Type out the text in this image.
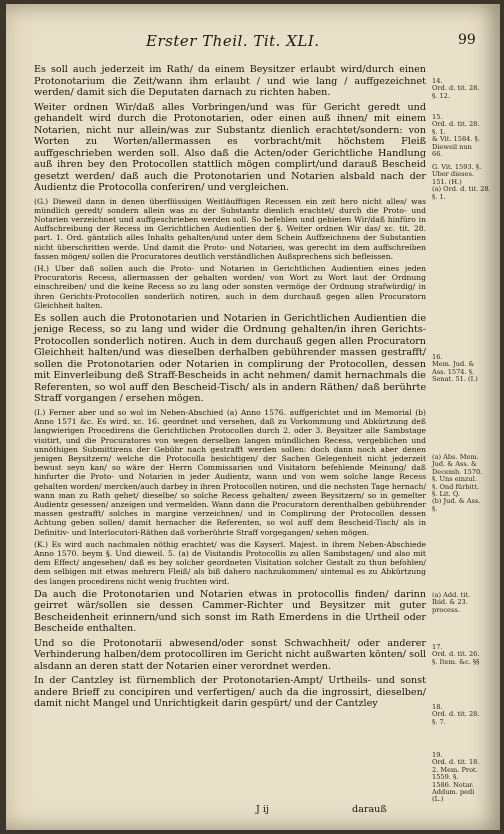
Erster Theil. Tit. XLI.	99

Es soll auch jederzeit im Rath/ da einem Beysitzer erlaubt wird/durch einen Protonotarium die Zeit/wann ihm erlaubt / und wie lang / auffgezeichnet werden/ damit sich die Deputaten darnach zu richten haben.

Weiter ordnen Wir/daß alles Vorbringen/und was für Gericht geredt und gehandelt wird durch die Protonotarien, oder einen auß ihnen/ mit einem Notarien, nicht nur allein/was zur Substantz dienlich erachtet/sondern: von Worten zu Worten/allermassen es vorbracht/mit höchstem Fleiß auffgeschrieben werden soll. Also daß die Acten/oder Gerichtliche Handlung auß ihren bey den Protocollen stattlich mögen complirt/und darauß Bescheid gesetzt werden/ daß auch die Protonotarien und Notarien alsbald nach der Audientz die Protocolla conferiren/ und vergleichen.

(G.) Dieweil dann in denen überflüssigen Weitläufftigen Recessen ein zeit hero nicht alles/ was mündlich geredt/ sondern allein was zu der Substantz dienlich erachtet/ durch die Proto- und Notarien verzeichnet und auffgeschrieben werden soll. So befehlen und gebieten Wir/daß hinfüro in Auffschreibung der Recess im Gerichtlichen Audientien der §. Weiter ordnen Wir das/ xc. tit. 28. part. 1. Ord. gäntzlich alles Inhalts gehalten/und unter dem Schein Auffzeichnens der Substantien nicht überschritten werde. Und damit die Proto- und Notarien, was gerecht im dem auffschreiben fassen mögen/ sollen die Procuratores deutlich verständlichen Außsprechens sich befleissen.

(H.) Uber daß sollen auch die Proto- und Notarien in Gerichtlichen Audientien eines jeden Procuratoris Recess, allermassen der gehalten worden/ von Wort zu Wort laut der Ordnung einschreiben/ und die keine Recess so zu lang oder sonsten vermöge der Ordnung strafwürdig/ in ihren Gerichts-Protocollen sonderlich notiren, auch in dem durchauß gegen allen Procuratorn Gleichheit halten.

Es sollen auch die Protonotarien und Notarien in Gerichtlichen Audientien die jenige Recess, so zu lang und wider die Ordnung gehalten/in ihren Gerichts-Protocollen sonderlich notiren. Auch in dem durchauß gegen allen Procuratorn Gleichheit halten/und was dieselben derhalben gebührender massen gestrafft/ sollen die Protonotarien oder Notarien in complirung der Protocollen, dessen mit Einverleibung deß Straff-Bescheids in acht nehmen/ damit hernachmals die Referenten, so wol auff den Bescheid-Tisch/ als in andern Räthen/ daß berührte Straff vorgangen / ersehen mögen.

(I.) Ferner aber und so wol im Neben-Abschied (a) Anno 1576. auffgerichtet und im Memorial (b) Anno 1571 &c. Es wird. xc. 16. geordnet und versehen, daß zu Vorkommung und Abkürtzung deß langwierigen Procedirens die Gerichtlichen Protocollen durch 2. oder 3. Beysitzer alle Sambstage visitirt, und die Procuratores von wegen derselben langen mündlichen Recess, vergeblichen und unnöthigen Submittirens der Gebühr nach gestrafft werden sollen: doch dann noch aber denen jenigen Beysitzern/ welche die Protocolla besichtigen/ der Sachen Gelegenheit nicht jederzeit bewust seyn kan/ so wäre der Herrn Commissarien und Visitatorn befehlende Meinung/ daß hinfurter die Proto- und Notarien in jeder Audientz, wann und von wem solche lange Recess gehalten worden/ mercken/auch darbey in ihren Protocollen notiren, und die nechsten Tage hernach/ wann man zu Rath gehet/ dieselbe/ so solche Recess gehalten/ zween Beysitzern/ so in gemelter Audientz gesessen/ anzeigen und vermelden. Wann dann die Procuratorn derenthalben gebührender massen gestrafft/ solches in margine verzeichnen/ und in Complirung der Protocollen dessen Achtung geben sollen/ damit hernacher die Referenten, so wol auff dem Bescheid-Tisch/ als in Definitiv- und Interlocutori-Räthen daß vorberührte Straff vorgegangen/ sehen mögen.

(K.) Es wird auch nachmalen nöthig erachtet/ was die Kayserl. Majest. in ihrem Neben-Abschiede Anno 1570. beym §. Und dieweil. 5. (a) de Visitandis Protocollis zu allen Sambstagen/ und also mit dem Effect/ angesehen/ daß es bey solcher geordneten Visitation solcher Gestalt zu thun befohlen/ dem selbigen mit etwas mehrern Fleiß/ als biß dahero nachzukommen/ sintemal es zu Abkürtzung des langen procedirens nicht wenig fruchten wird.

Da auch die Protonotarien und Notarien etwas in protocollis finden/ darinn geirret wär/sollen sie dessen Cammer-Richter und Beysitzer mit guter Bescheidenheit erinnern/und sich sonst im Rath Emerdens in die Urtheil oder Bescheide enthalten.

Und so die Protonotarii abwesend/oder sonst Schwachheit/ oder anderer Verhinderung halben/dem protocolliren im Gericht nicht außwarten könten/ soll alsdann an deren statt der Notarien einer verordnet werden.

In der Cantzley ist fürnemblich der Protonotarien-Ampt/ Urtheils- und sonst andere Brieff zu concipiren und verfertigen/ auch da die ingrossirt, dieselben/ damit nicht Mangel und Unrichtigkeit darin gespürt/ und der Cantzley

14.
Ord. d. tit. 28.
§. 12.
15.
Ord. d. tit. 28.
§. 1.
& Vit. 1584. §.
Dieweil nun
66.
G. Vit. 1593. §.
Uber dieses.
151. (H.)
(a) Ord. d. tit. 28.
§. 1.
16.
Mem. Jud. &
Ass. 1574. §.
Senat. 51. (I.)
(a) Abs. Mem.
Jud. & Ass. &
Decemb. 1570.
§. Uns einzul.
§. Ond fürbitt.
§. Lit. Q.
(b) Jud. & Ass.
§.
(a) Add. tit.
Ibid. & 23.
process.
17.
Ord. d. tit. 26.
§. Item. &c. §§
18.
Ord. d. tit. 28.
§. 7.
19.
Ord. d. tit. 18.
2. Mem. Prot.
1559. §.
1586. Notar.
Addum. pedi
(L.)
J ij	darauß
